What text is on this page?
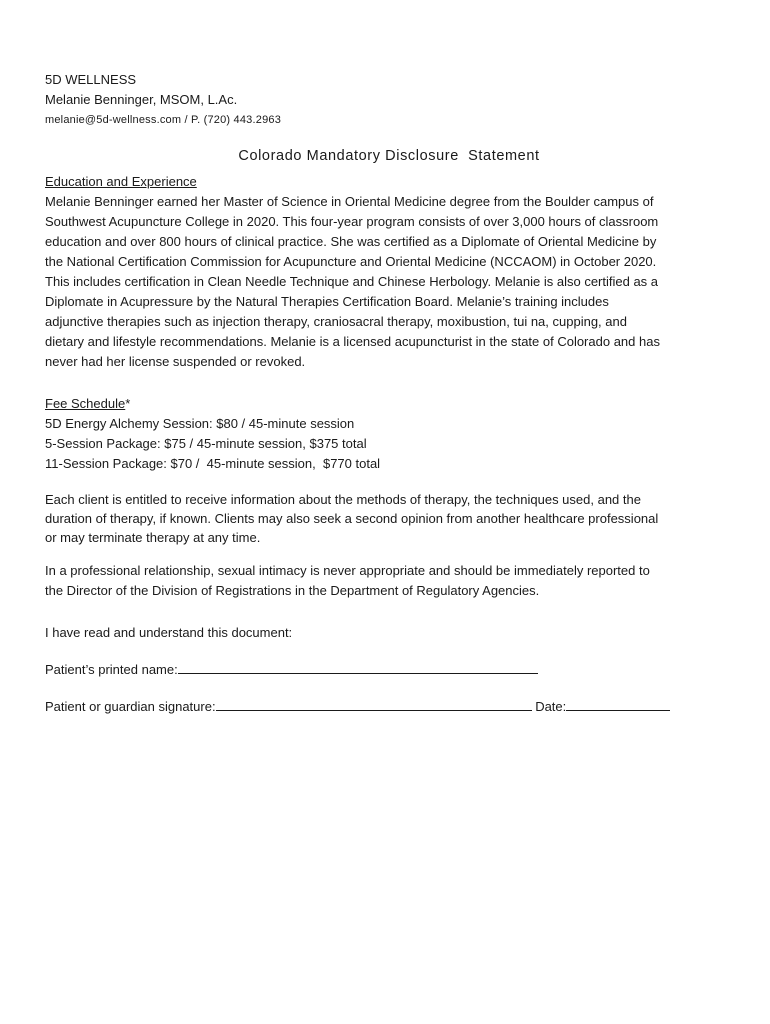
5D WELLNESS
Melanie Benninger, MSOM, L.Ac.
melanie@5d-wellness.com / P. (720) 443.2963
Colorado Mandatory Disclosure  Statement
Education and Experience
Melanie Benninger earned her Master of Science in Oriental Medicine degree from the Boulder campus of
Southwest Acupuncture College in 2020. This four-year program consists of over 3,000 hours of classroom
education and over 800 hours of clinical practice. She was certified as a Diplomate of Oriental Medicine by
the National Certification Commission for Acupuncture and Oriental Medicine (NCCAOM) in October 2020.
This includes certification in Clean Needle Technique and Chinese Herbology. Melanie is also certified as a
Diplomate in Acupressure by the Natural Therapies Certification Board. Melanie’s training includes
adjunctive therapies such as injection therapy, craniosacral therapy, moxibustion, tui na, cupping, and
dietary and lifestyle recommendations. Melanie is a licensed acupuncturist in the state of Colorado and has
never had her license suspended or revoked.
Fee Schedule*
5D Energy Alchemy Session: $80 / 45-minute session
5-Session Package: $75 / 45-minute session, $375 total
11-Session Package: $70 /  45-minute session,  $770 total
Each client is entitled to receive information about the methods of therapy, the techniques used, and the
duration of therapy, if known. Clients may also seek a second opinion from another healthcare professional
or may terminate therapy at any time.
In a professional relationship, sexual intimacy is never appropriate and should be immediately reported to
the Director of the Division of Registrations in the Department of Regulatory Agencies.
I have read and understand this document:
Patient’s printed name:
Patient or guardian signature:	Date:
